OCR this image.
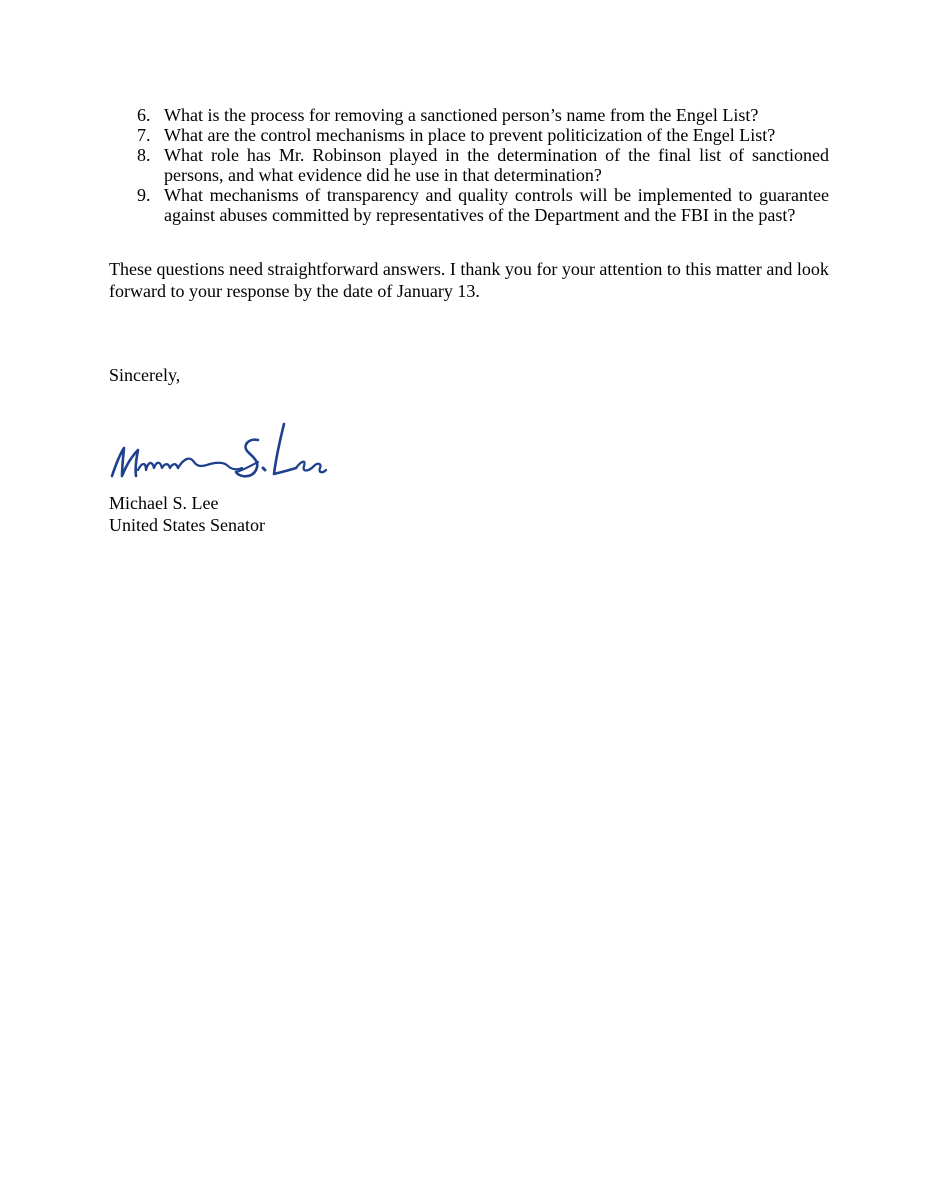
6. What is the process for removing a sanctioned person’s name from the Engel List?
7. What are the control mechanisms in place to prevent politicization of the Engel List?
8. What role has Mr. Robinson played in the determination of the final list of sanctioned persons, and what evidence did he use in that determination?
9. What mechanisms of transparency and quality controls will be implemented to guarantee against abuses committed by representatives of the Department and the FBI in the past?

These questions need straightforward answers. I thank you for your attention to this matter and look forward to your response by the date of January 13.

Sincerely,

Michael S. Lee
United States Senator
